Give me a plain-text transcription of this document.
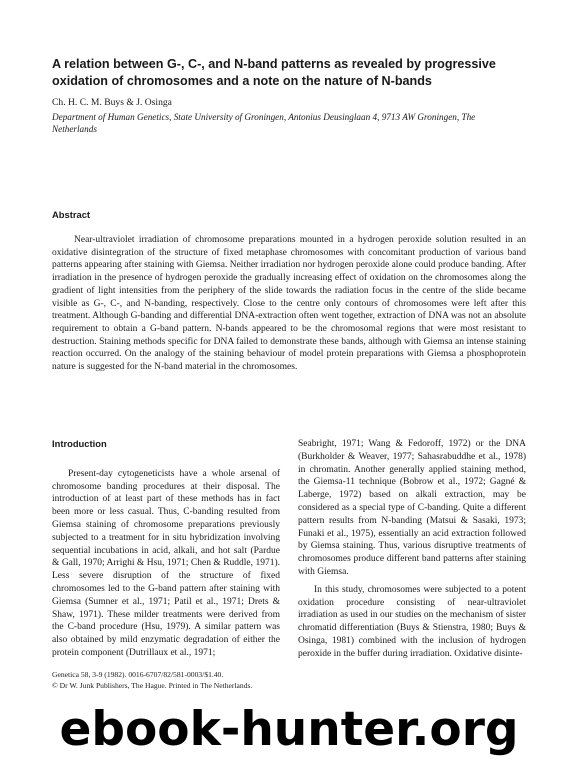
A relation between G-, C-, and N-band patterns as revealed by progressive oxidation of chromosomes and a note on the nature of N-bands

Ch. H. C. M. Buys & J. Osinga

Department of Human Genetics, State University of Groningen, Antonius Deusinglaan 4, 9713 AW Groningen, The Netherlands

Abstract

Near-ultraviolet irradiation of chromosome preparations mounted in a hydrogen peroxide solution resulted in an oxidative disintegration of the structure of fixed metaphase chromosomes with concomitant production of various band patterns appearing after staining with Giemsa. Neither irradiation nor hydrogen peroxide alone could produce banding. After irradiation in the presence of hydrogen peroxide the gradually increasing effect of oxidation on the chromosomes along the gradient of light intensities from the periphery of the slide towards the radiation focus in the centre of the slide became visible as G-, C-, and N-banding, respectively. Close to the centre only contours of chromosomes were left after this treatment. Although G-banding and differential DNA-extraction often went together, extraction of DNA was not an absolute requirement to obtain a G-band pattern. N-bands appeared to be the chromosomal regions that were most resistant to destruction. Staining methods specific for DNA failed to demonstrate these bands, although with Giemsa an intense staining reaction occurred. On the analogy of the staining behaviour of model protein preparations with Giemsa a phosphoprotein nature is suggested for the N-band material in the chromosomes.

Introduction

Present-day cytogeneticists have a whole arsenal of chromosome banding procedures at their disposal. The introduction of at least part of these methods has in fact been more or less casual. Thus, C-banding resulted from Giemsa staining of chromosome preparations previously subjected to a treatment for in situ hybridization involving sequential incubations in acid, alkali, and hot salt (Pardue & Gall, 1970; Arrighi & Hsu, 1971; Chen & Ruddle, 1971). Less severe disruption of the structure of fixed chromosomes led to the G-band pattern after staining with Giemsa (Sumner et al., 1971; Patil et al., 1971; Drets & Shaw, 1971). These milder treatments were derived from the C-band procedure (Hsu, 1979). A similar pattern was also obtained by mild enzymatic degradation of either the protein component (Dutrillaux et al., 1971;

Seabright, 1971; Wang & Fedoroff, 1972) or the DNA (Burkholder & Weaver, 1977; Sahasrabuddhe et al., 1978) in chromatin. Another generally applied staining method, the Giemsa-11 technique (Bobrow et al., 1972; Gagné & Laberge, 1972) based on alkali extraction, may be considered as a special type of C-banding. Quite a different pattern results from N-banding (Matsui & Sasaki, 1973; Funaki et al., 1975), essentially an acid extraction followed by Giemsa staining. Thus, various disruptive treatments of chromosomes produce different band patterns after staining with Giemsa.

In this study, chromosomes were subjected to a potent oxidation procedure consisting of near-ultraviolet irradiation as used in our studies on the mechanism of sister chromatid differentiation (Buys & Stienstra, 1980; Buys & Osinga, 1981) combined with the inclusion of hydrogen peroxide in the buffer during irradiation. Oxidative disinte-

Genetica 58, 3-9 (1982). 0016-6707/82/581-0003/$1.40.
© Dr W. Junk Publishers, The Hague. Printed in The Netherlands.
ebook-hunter.org
